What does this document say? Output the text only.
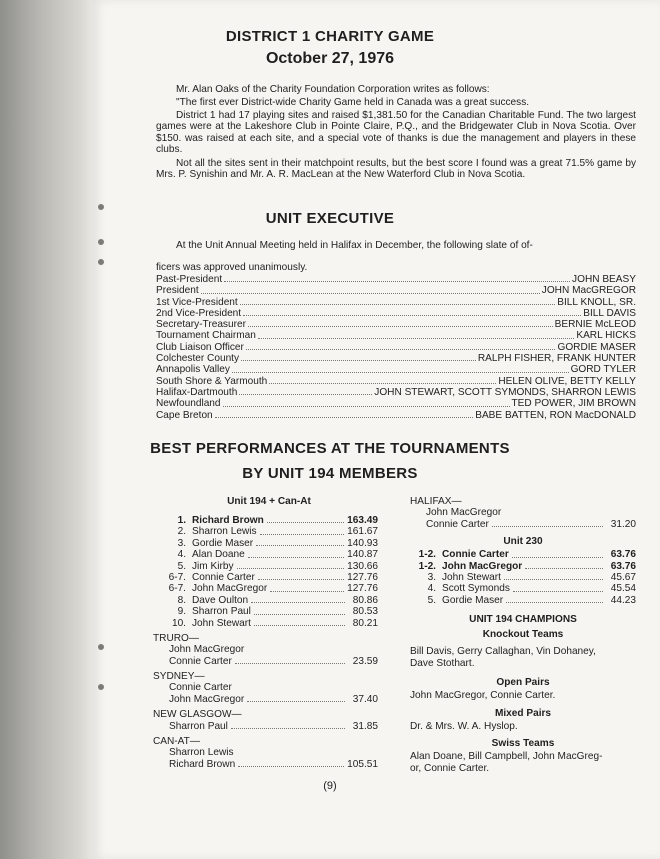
DISTRICT 1 CHARITY GAME
October 27, 1976
Mr. Alan Oaks of the Charity Foundation Corporation writes as follows:
"The first ever District-wide Charity Game held in Canada was a great success.
District 1 had 17 playing sites and raised $1,381.50 for the Canadian Charitable Fund. The two largest games were at the Lakeshore Club in Pointe Claire, P.Q., and the Bridgewater Club in Nova Scotia. Over $150. was raised at each site, and a special vote of thanks is due the management and players in these clubs.
Not all the sites sent in their matchpoint results, but the best score I found was a great 71.5% game by Mrs. P. Synishin and Mr. A. R. MacLean at the New Waterford Club in Nova Scotia.
UNIT EXECUTIVE
At the Unit Annual Meeting held in Halifax in December, the following slate of of-
ficers was approved unanimously.
Past-President	JOHN BEASY
President	JOHN MacGREGOR
1st Vice-President	BILL KNOLL, SR.
2nd Vice-President	BILL DAVIS
Secretary-Treasurer	BERNIE McLEOD
Tournament Chairman	KARL HICKS
Club Liaison Officer	GORDIE MASER
Colchester County	RALPH FISHER, FRANK HUNTER
Annapolis Valley	GORD TYLER
South Shore & Yarmouth	HELEN OLIVE, BETTY KELLY
Halifax-Dartmouth	JOHN STEWART, SCOTT SYMONDS, SHARRON LEWIS
Newfoundland	TED POWER, JIM BROWN
Cape Breton	BABE BATTEN, RON MacDONALD
BEST PERFORMANCES AT THE TOURNAMENTS
BY UNIT 194 MEMBERS
Unit 194 + Can-At
1. Richard Brown	163.49
2. Sharron Lewis	161.67
3. Gordie Maser	140.93
4. Alan Doane	140.87
5. Jim Kirby	130.66
6-7. Connie Carter	127.76
6-7. John MacGregor	127.76
8. Dave Oulton	80.86
9. Sharron Paul	80.53
10. John Stewart	80.21
TRURO—
John MacGregor
Connie Carter	23.59
SYDNEY—
Connie Carter
John MacGregor	37.40
NEW GLASGOW—
Sharron Paul	31.85
CAN-AT—
Sharron Lewis
Richard Brown	105.51
HALIFAX—
John MacGregor
Connie Carter	31.20
Unit 230
1-2. Connie Carter	63.76
1-2. John MacGregor	63.76
3. John Stewart	45.67
4. Scott Symonds	45.54
5. Gordie Maser	44.23
UNIT 194 CHAMPIONS
Knockout Teams
Bill Davis, Gerry Callaghan, Vin Dohaney,
Dave Stothart.
Open Pairs
John MacGregor, Connie Carter.
Mixed Pairs
Dr. & Mrs. W. A. Hyslop.
Swiss Teams
Alan Doane, Bill Campbell, John MacGreg-
or, Connie Carter.
(9)
